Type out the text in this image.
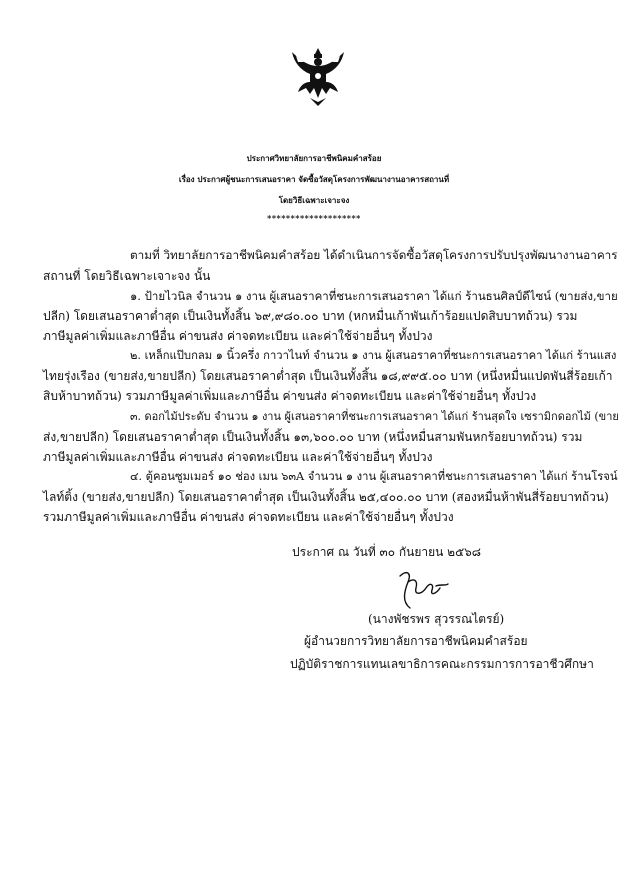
ประกาศวิทยาลัยการอาชีพนิคมคำสร้อย
เรื่อง ประกาศผู้ชนะการเสนอราคา จัดซื้อวัสดุโครงการพัฒนางานอาคารสถานที่
โดยวิธีเฉพาะเจาะจง
********************
ตามที่ วิทยาลัยการอาชีพนิคมคำสร้อย ได้ดำเนินการจัดซื้อวัสดุโครงการปรับปรุงพัฒนางานอาคาร
สถานที่ โดยวิธีเฉพาะเจาะจง นั้น
๑. ป้ายไวนิล จำนวน ๑ งาน ผู้เสนอราคาที่ชนะการเสนอราคา ได้แก่ ร้านธนศิลป์ดีไซน์ (ขายส่ง,ขาย
ปลีก) โดยเสนอราคาต่ำสุด เป็นเงินทั้งสิ้น ๖๙,๙๘๐.๐๐ บาท (หกหมื่นเก้าพันเก้าร้อยแปดสิบบาทถ้วน) รวม
ภาษีมูลค่าเพิ่มและภาษีอื่น ค่าขนส่ง ค่าจดทะเบียน และค่าใช้จ่ายอื่นๆ ทั้งปวง
๒. เหล็กแป๊บกลม ๑ นิ้วครึ่ง กาวาไนท์ จำนวน ๑ งาน ผู้เสนอราคาที่ชนะการเสนอราคา ได้แก่ ร้านแสง
ไทยรุ่งเรือง (ขายส่ง,ขายปลีก) โดยเสนอราคาต่ำสุด เป็นเงินทั้งสิ้น ๑๘,๙๙๕.๐๐ บาท (หนึ่งหมื่นแปดพันสี่ร้อยเก้า
สิบห้าบาทถ้วน) รวมภาษีมูลค่าเพิ่มและภาษีอื่น ค่าขนส่ง ค่าจดทะเบียน และค่าใช้จ่ายอื่นๆ ทั้งปวง
๓. ดอกไม้ประดับ จำนวน ๑ งาน ผู้เสนอราคาที่ชนะการเสนอราคา ได้แก่ ร้านสุดใจ เซรามิกดอกไม้ (ขาย
ส่ง,ขายปลีก) โดยเสนอราคาต่ำสุด เป็นเงินทั้งสิ้น ๑๓,๖๐๐.๐๐ บาท (หนึ่งหมื่นสามพันหกร้อยบาทถ้วน) รวม
ภาษีมูลค่าเพิ่มและภาษีอื่น ค่าขนส่ง ค่าจดทะเบียน และค่าใช้จ่ายอื่นๆ ทั้งปวง
๔. ตู้คอนซูมเมอร์ ๑๐ ช่อง เมน ๖๓A จำนวน ๑ งาน ผู้เสนอราคาที่ชนะการเสนอราคา ได้แก่ ร้านโรจน์
ไลท์ติ้ง (ขายส่ง,ขายปลีก) โดยเสนอราคาต่ำสุด เป็นเงินทั้งสิ้น ๒๕,๔๐๐.๐๐ บาท (สองหมื่นห้าพันสี่ร้อยบาทถ้วน)
รวมภาษีมูลค่าเพิ่มและภาษีอื่น ค่าขนส่ง ค่าจดทะเบียน และค่าใช้จ่ายอื่นๆ ทั้งปวง
ประกาศ ณ วันที่ ๓๐ กันยายน ๒๕๖๘
(นางพัชรพร สุวรรณไตรย์)
ผู้อำนวยการวิทยาลัยการอาชีพนิคมคำสร้อย
ปฏิบัติราชการแทนเลขาธิการคณะกรรมการการอาชีวศึกษา
